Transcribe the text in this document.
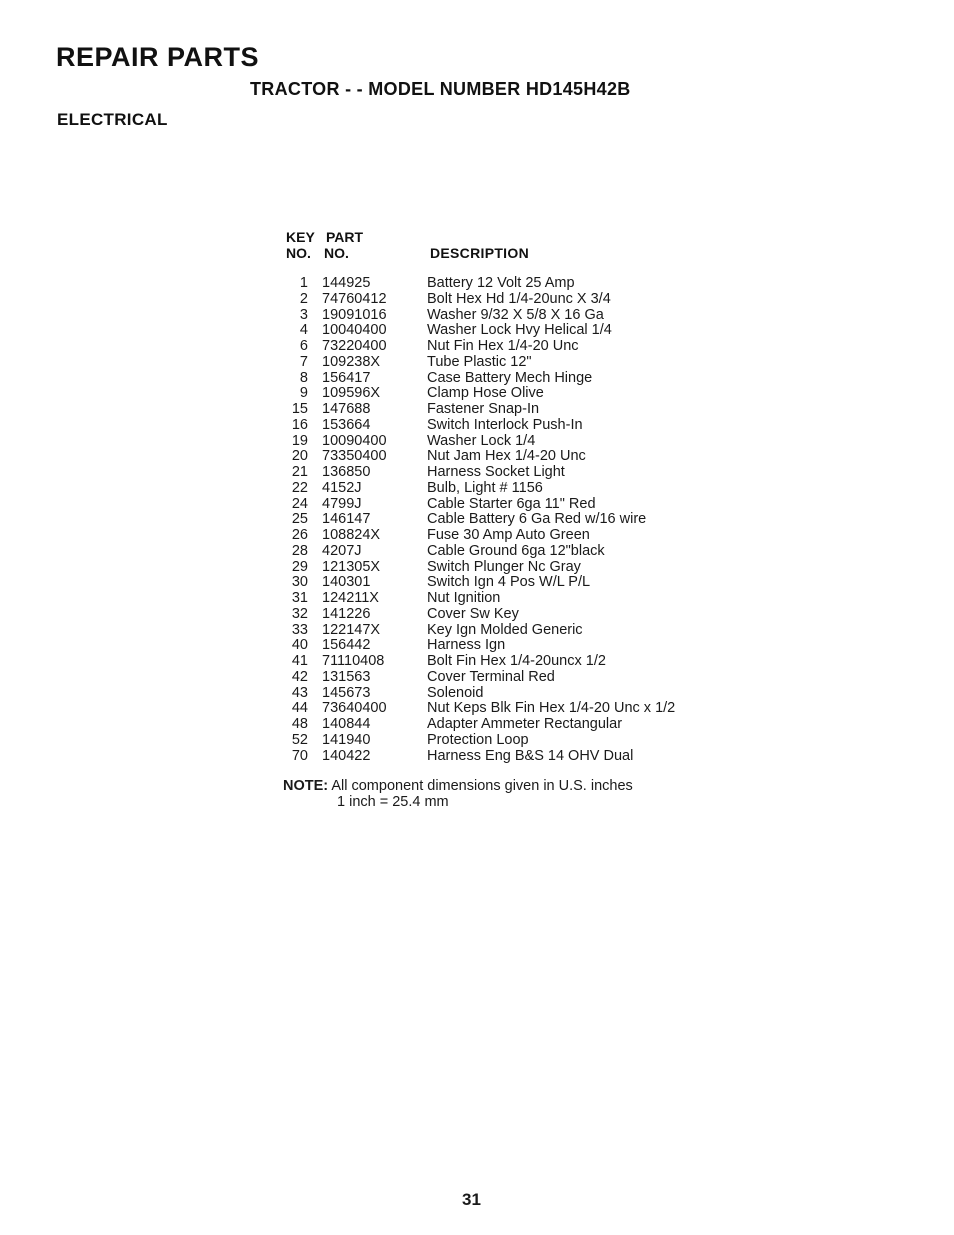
REPAIR PARTS
TRACTOR - - MODEL NUMBER HD145H42B
ELECTRICAL
KEY
NO.
PART
NO.	DESCRIPTION
1 144925	Battery 12 Volt 25 Amp
2 74760412	Bolt Hex Hd 1/4-20unc X 3/4
3 19091016	Washer 9/32 X 5/8 X 16 Ga
4 10040400	Washer Lock Hvy Helical 1/4
6 73220400	Nut Fin Hex 1/4-20 Unc
7 109238X	Tube Plastic 12"
8 156417	Case Battery Mech Hinge
9 109596X	Clamp Hose Olive
15 147688	Fastener Snap-In
16 153664	Switch Interlock Push-In
19 10090400	Washer Lock 1/4
20 73350400	Nut Jam Hex 1/4-20 Unc
21 136850	Harness Socket Light
22 4152J	Bulb, Light # 1156
24 4799J	Cable Starter 6ga 11" Red
25 146147	Cable Battery 6 Ga Red w/16 wire
26 108824X	Fuse 30 Amp Auto Green
28 4207J	Cable Ground 6ga 12"black
29 121305X	Switch Plunger Nc Gray
30 140301	Switch Ign 4 Pos W/L P/L
31 124211X	Nut Ignition
32 141226	Cover Sw Key
33 122147X	Key Ign Molded Generic
40 156442	Harness Ign
41 71110408	Bolt Fin Hex 1/4-20uncx 1/2
42 131563	Cover Terminal Red
43 145673	Solenoid
44 73640400	Nut Keps Blk Fin Hex 1/4-20 Unc x 1/2
48 140844	Adapter Ammeter Rectangular
52 141940	Protection Loop
70 140422	Harness Eng B&S 14 OHV Dual
NOTE: All component dimensions given in U.S. inches
1 inch = 25.4 mm
31
